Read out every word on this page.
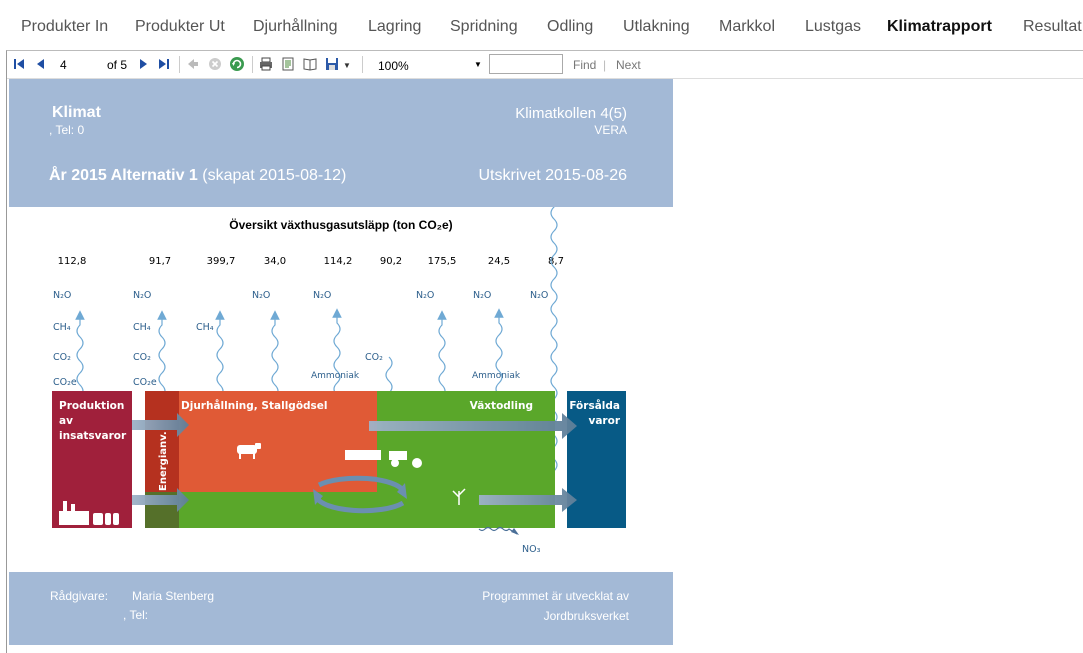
Produkter In Produkter Ut Djurhållning Lagring Spridning Odling Utlakning Markkol Lustgas Klimatrapport Resultat
4
of 5	▼ 100%	▼	Find | Next
Klimat
, Tel: 0
Klimatkollen 4(5)
VERA
År 2015 Alternativ 1 (skapat 2015-08-12)	Utskrivet 2015-08-26
Översikt växthusgasutsläpp (ton CO₂e)
112,8	91,7	399,7	34,0	114,2	90,2	175,5	24,5	8,7
N₂O
CH₄
CO₂
CO₂e
N₂O
CH₄
CO₂
CO₂e
CH₄
N₂O	N₂O
Ammoniak
CO₂
N₂O	N₂O
Ammoniak
N₂O
Produktion
av
insatsvaror
Djurhållning, Stallgödsel	Växtodling	Försålda
varor
Energianv.
NO₃
Rådgivare: Maria Stenberg
, Tel:
Programmet är utvecklat av
Jordbruksverket
